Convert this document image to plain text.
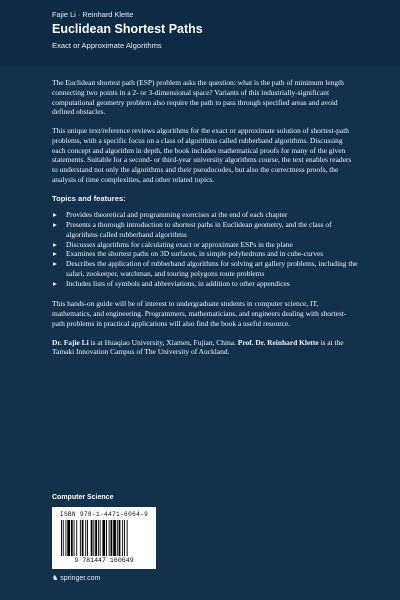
Fajie Li · Reinhard Klette
Euclidean Shortest Paths
Exact or Approximate Algorithms

The Euclidean shortest path (ESP) problem asks the question: what is the path of minimum length connecting two points in a 2- or 3-dimensional space? Variants of this industrially-significant computational geometry problem also require the path to pass through specified areas and avoid defined obstacles.

This unique text/reference reviews algorithms for the exact or approximate solution of shortest-path problems, with a specific focus on a class of algorithms called rubberband algorithms. Discussing each concept and algorithm in depth, the book includes mathematical proofs for many of the given statements. Suitable for a second- or third-year university algorithms course, the text enables readers to understand not only the algorithms and their pseudocodes, but also the correctness proofs, the analysis of time complexities, and other related topics.

Topics and features:
▸ Provides theoretical and programming exercises at the end of each chapter
▸ Presents a thorough introduction to shortest paths in Euclidean geometry, and the class of algorithms called rubberband algorithms
▸ Discusses algorithms for calculating exact or approximate ESPs in the plane
▸ Examines the shortest paths on 3D surfaces, in simple polyhedrons and in cube-curves
▸ Describes the application of rubberband algorithms for solving art gallery problems, including the safari, zookeeper, watchman, and touring polygons route problems
▸ Includes lists of symbols and abbreviations, in addition to other appendices

This hands-on guide will be of interest to undergraduate students in computer science, IT, mathematics, and engineering. Programmers, mathematicians, and engineers dealing with shortest-path problems in practical applications will also find the book a useful resource.

Dr. Fajie Li is at Huaqiao University, Xiamen, Fujian, China. Prof. Dr. Reinhard Klette is at the Tamaki Innovation Campus of The University of Auckland.

Computer Science
ISBN 978-1-4471-6064-9
9 781447 160649
♞ springer.com
